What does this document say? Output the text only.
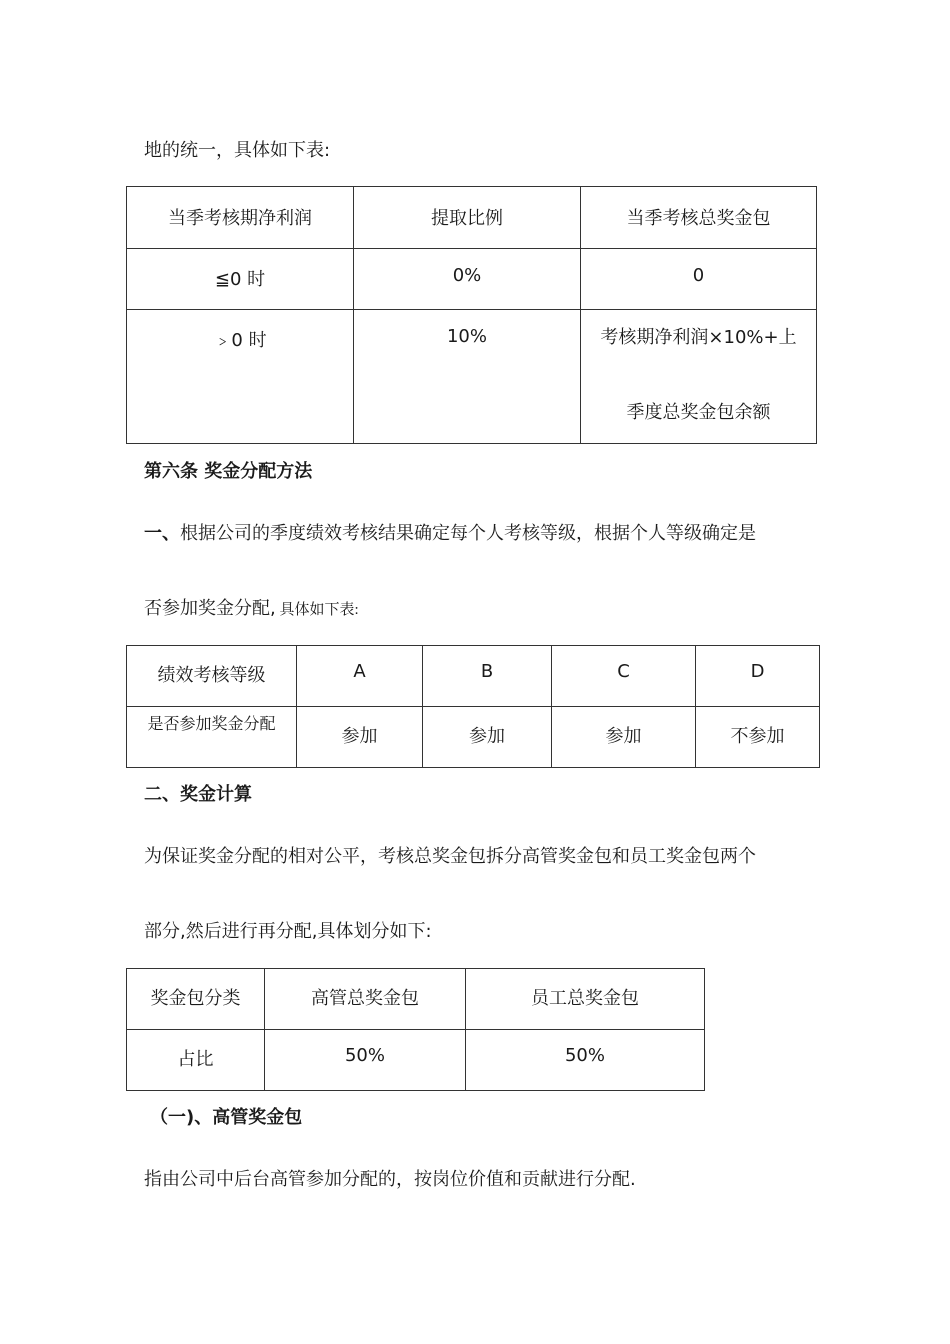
地的统一，具体如下表:
当季考核期净利润	提取比例	当季考核总奖金包
≦0 时	0%	0
﹥0 时	10%	考核期净利润×10%+上
季度总奖金包余额
第六条 奖金分配方法
一、根据公司的季度绩效考核结果确定每个人考核等级，根据个人等级确定是
否参加奖金分配, 具体如下表:
绩效考核等级	A	B	C	D
是否参加奖金分配	参加	参加	参加	不参加
二、奖金计算
为保证奖金分配的相对公平，考核总奖金包拆分高管奖金包和员工奖金包两个
部分,然后进行再分配,具体划分如下:
奖金包分类	高管总奖金包	员工总奖金包
占比	50%	50%
（一)、高管奖金包
指由公司中后台高管参加分配的，按岗位价值和贡献进行分配.
